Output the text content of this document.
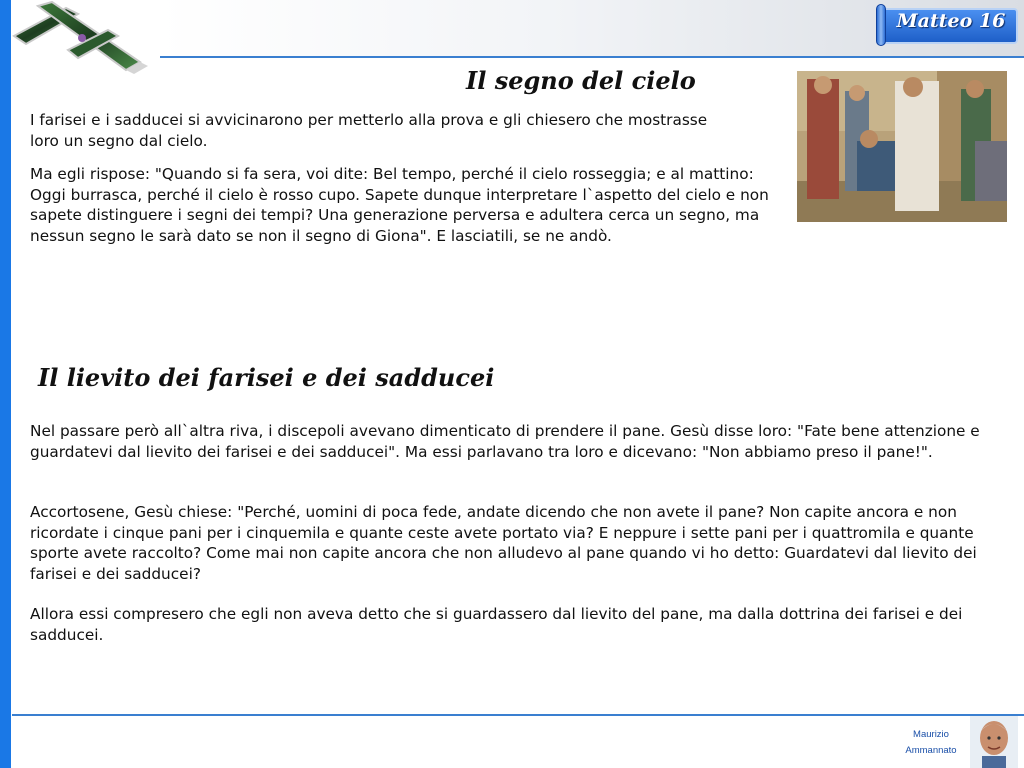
Matteo 16
Il segno del cielo

I farisei e i sadducei si avvicinarono per metterlo alla prova e gli chiesero che mostrasse loro un segno dal cielo.

Ma egli rispose: "Quando si fa sera, voi dite: Bel tempo, perché il cielo rosseggia; e al mattino: Oggi burrasca, perché il cielo è rosso cupo. Sapete dunque interpretare l`aspetto del cielo e non sapete distinguere i segni dei tempi? Una generazione perversa e adultera cerca un segno, ma nessun segno le sarà dato se non il segno di Giona". E lasciatili, se ne andò.

Il lievito dei farisei e dei sadducei

Nel passare però all`altra riva, i discepoli avevano dimenticato di prendere il pane. Gesù disse loro: "Fate bene attenzione e guardatevi dal lievito dei farisei e dei sadducei". Ma essi parlavano tra loro e dicevano: "Non abbiamo preso il pane!".

Accortosene, Gesù chiese: "Perché, uomini di poca fede, andate dicendo che non avete il pane? Non capite ancora e non ricordate i cinque pani per i cinquemila e quante ceste avete portato via? E neppure i sette pani per i quattromila e quante sporte avete raccolto? Come mai non capite ancora che non alludevo al pane quando vi ho detto: Guardatevi dal lievito dei farisei e dei sadducei?

Allora essi compresero che egli non aveva detto che si guardassero dal lievito del pane, ma dalla dottrina dei farisei e dei sadducei.

Maurizio
Ammannato
